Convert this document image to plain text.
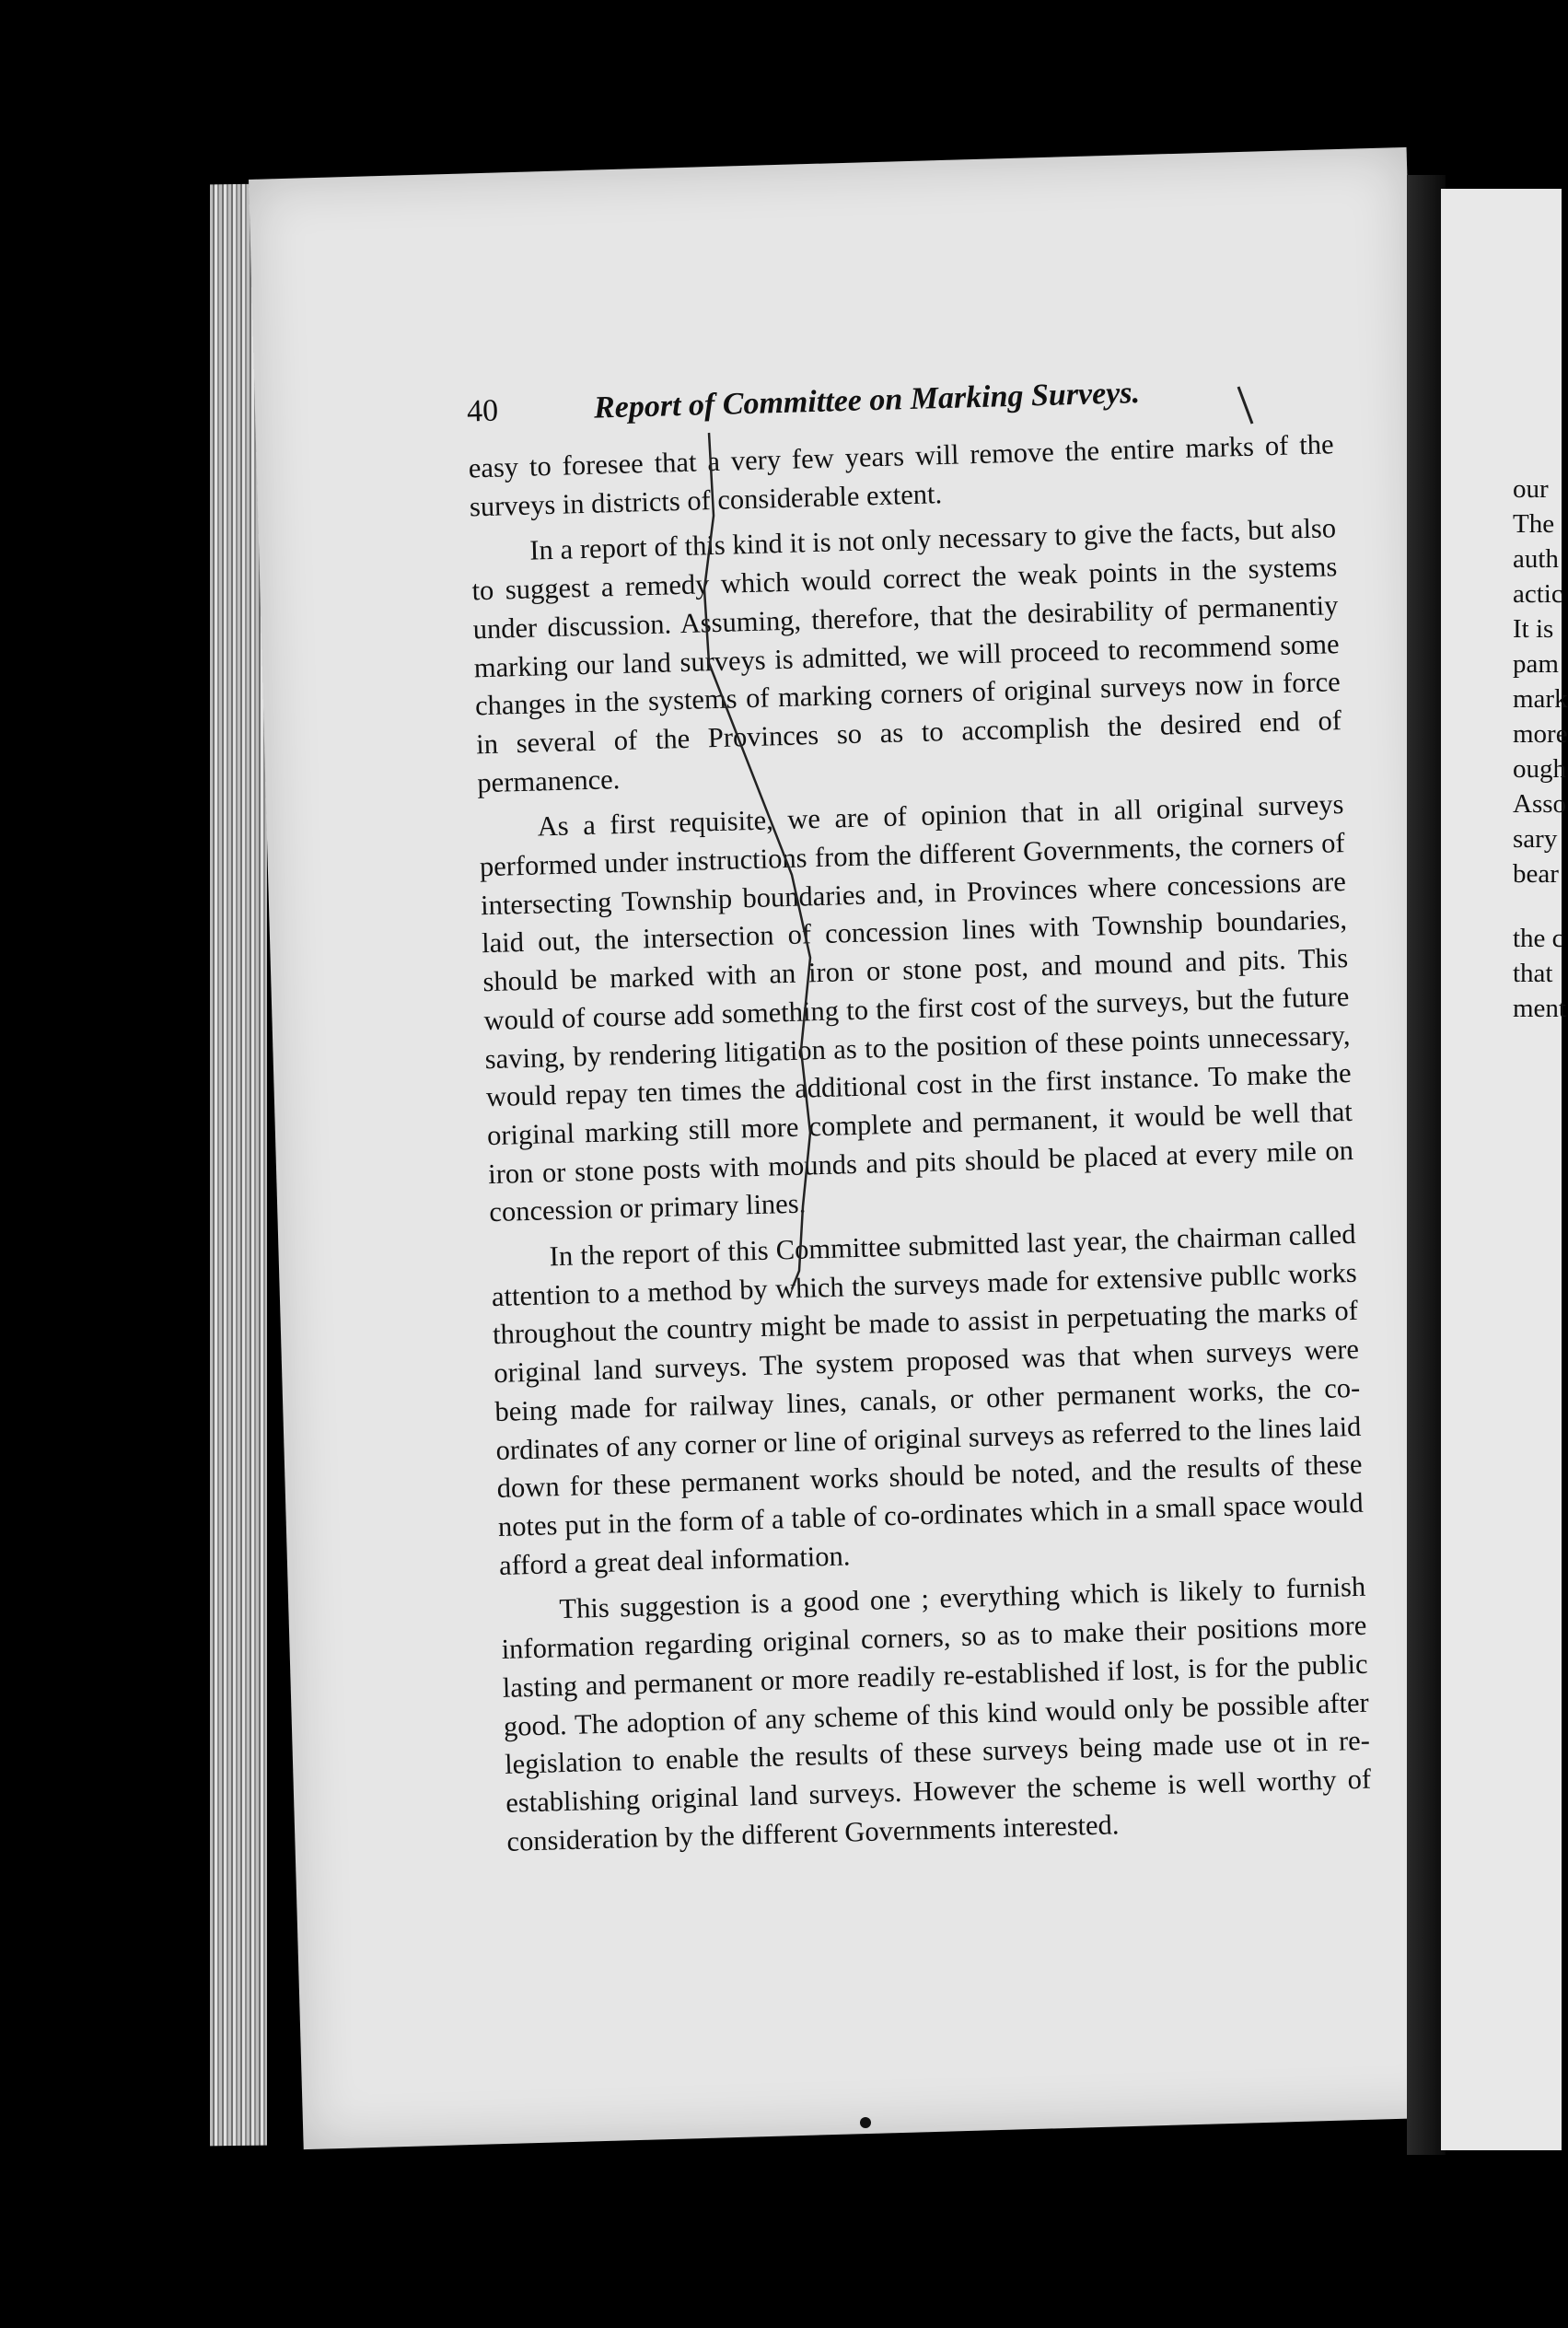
40	Report of Committee on Marking Surveys.

easy to foresee that a very few years will remove the entire marks of the surveys in districts of considerable extent.

In a report of this kind it is not only necessary to give the facts, but also to suggest a remedy which would correct the weak points in the systems under discussion. Assuming, therefore, that the desirability of permanentiy marking our land surveys is admitted, we will proceed to recommend some changes in the systems of marking corners of original surveys now in force in several of the Provinces so as to accomplish the desired end of permanence.

As a first requisite, we are of opinion that in all original surveys performed under instructions from the different Governments, the corners of intersecting Township boundaries and, in Provinces where concessions are laid out, the intersection of concession lines with Township boundaries, should be marked with an iron or stone post, and mound and pits. This would of course add something to the first cost of the surveys, but the future saving, by rendering litigation as to the position of these points unnecessary, would repay ten times the additional cost in the first instance. To make the original marking still more complete and permanent, it would be well that iron or stone posts with mounds and pits should be placed at every mile on concession or primary lines.

In the report of this Committee submitted last year, the chairman called attention to a method by which the surveys made for extensive publlc works throughout the country might be made to assist in perpetuating the marks of original land surveys. The system proposed was that when surveys were being made for railway lines, canals, or other permanent works, the co-ordinates of any corner or line of original surveys as referred to the lines laid down for these permanent works should be noted, and the results of these notes put in the form of a table of co-ordinates which in a small space would afford a great deal information.

This suggestion is a good one ; everything which is likely to furnish information regarding original corners, so as to make their positions more lasting and permanent or more readily re-established if lost, is for the public good. The adoption of any scheme of this kind would only be possible after legislation to enable the results of these surveys being made use ot in re-establishing original land surveys. However the scheme is well worthy of consideration by the different Governments interested.

our
The
auth
actic
It is
pam
mark
more
ough
Asso
sary
bear
the c
that
ment
